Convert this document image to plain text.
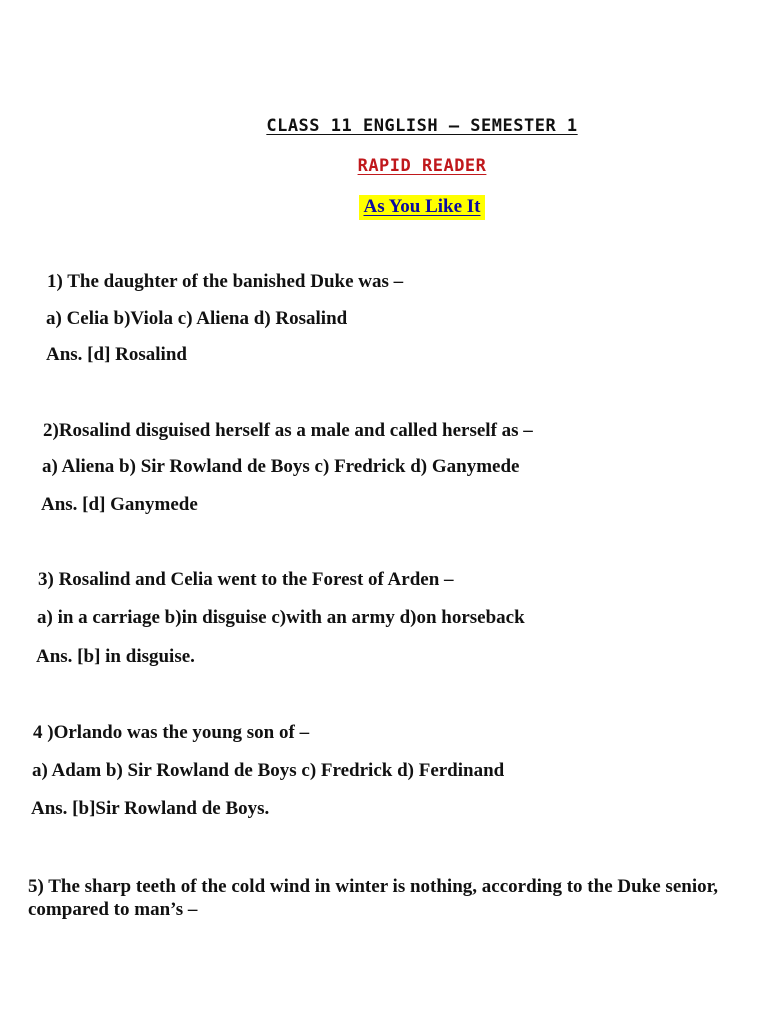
CLASS 11 ENGLISH – SEMESTER 1

RAPID READER

As You Like It

1) The daughter of the banished Duke was –

a) Celia b)Viola c) Aliena d) Rosalind

Ans. [d] Rosalind

2)Rosalind disguised herself as a male and called herself as –

a) Aliena b) Sir Rowland de Boys c) Fredrick d) Ganymede

Ans. [d] Ganymede

3) Rosalind and Celia went to the Forest of Arden –

a) in a carriage b)in disguise c)with an army d)on horseback

Ans. [b] in disguise.

4 )Orlando was the young son of –

a) Adam b) Sir Rowland de Boys c) Fredrick d) Ferdinand

Ans. [b]Sir Rowland de Boys.

5) The sharp teeth of the cold wind in winter is nothing, according to the Duke senior, compared to man’s –
